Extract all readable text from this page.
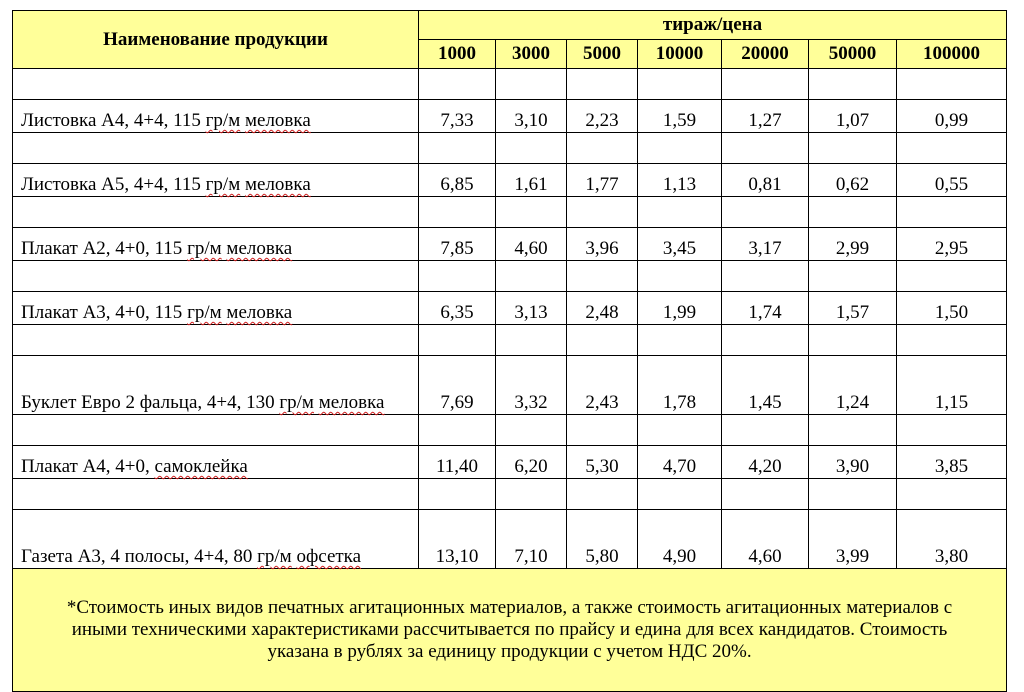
Наименование продукции	тираж/цена						
	1000	3000	5000	10000	20000	50000	100000

Листовка А4, 4+4, 115 гр/м меловка	7,33	3,10	2,23	1,59	1,27	1,07	0,99

Листовка А5, 4+4, 115 гр/м меловка	6,85	1,61	1,77	1,13	0,81	0,62	0,55

Плакат А2, 4+0, 115 гр/м меловка	7,85	4,60	3,96	3,45	3,17	2,99	2,95

Плакат А3, 4+0, 115 гр/м меловка	6,35	3,13	2,48	1,99	1,74	1,57	1,50

Буклет Евро 2 фальца, 4+4, 130 гр/м меловка	7,69	3,32	2,43	1,78	1,45	1,24	1,15

Плакат А4, 4+0, самоклейка	11,40	6,20	5,30	4,70	4,20	3,90	3,85

Газета А3, 4 полосы, 4+4, 80 гр/м офсетка	13,10	7,10	5,80	4,90	4,60	3,99	3,80
*Стоимость иных видов печатных агитационных материалов, а также стоимость агитационных материалов с иными техническими характеристиками рассчитывается по прайсу и едина для всех кандидатов. Стоимость указана в рублях за единицу продукции с учетом НДС 20%.							
